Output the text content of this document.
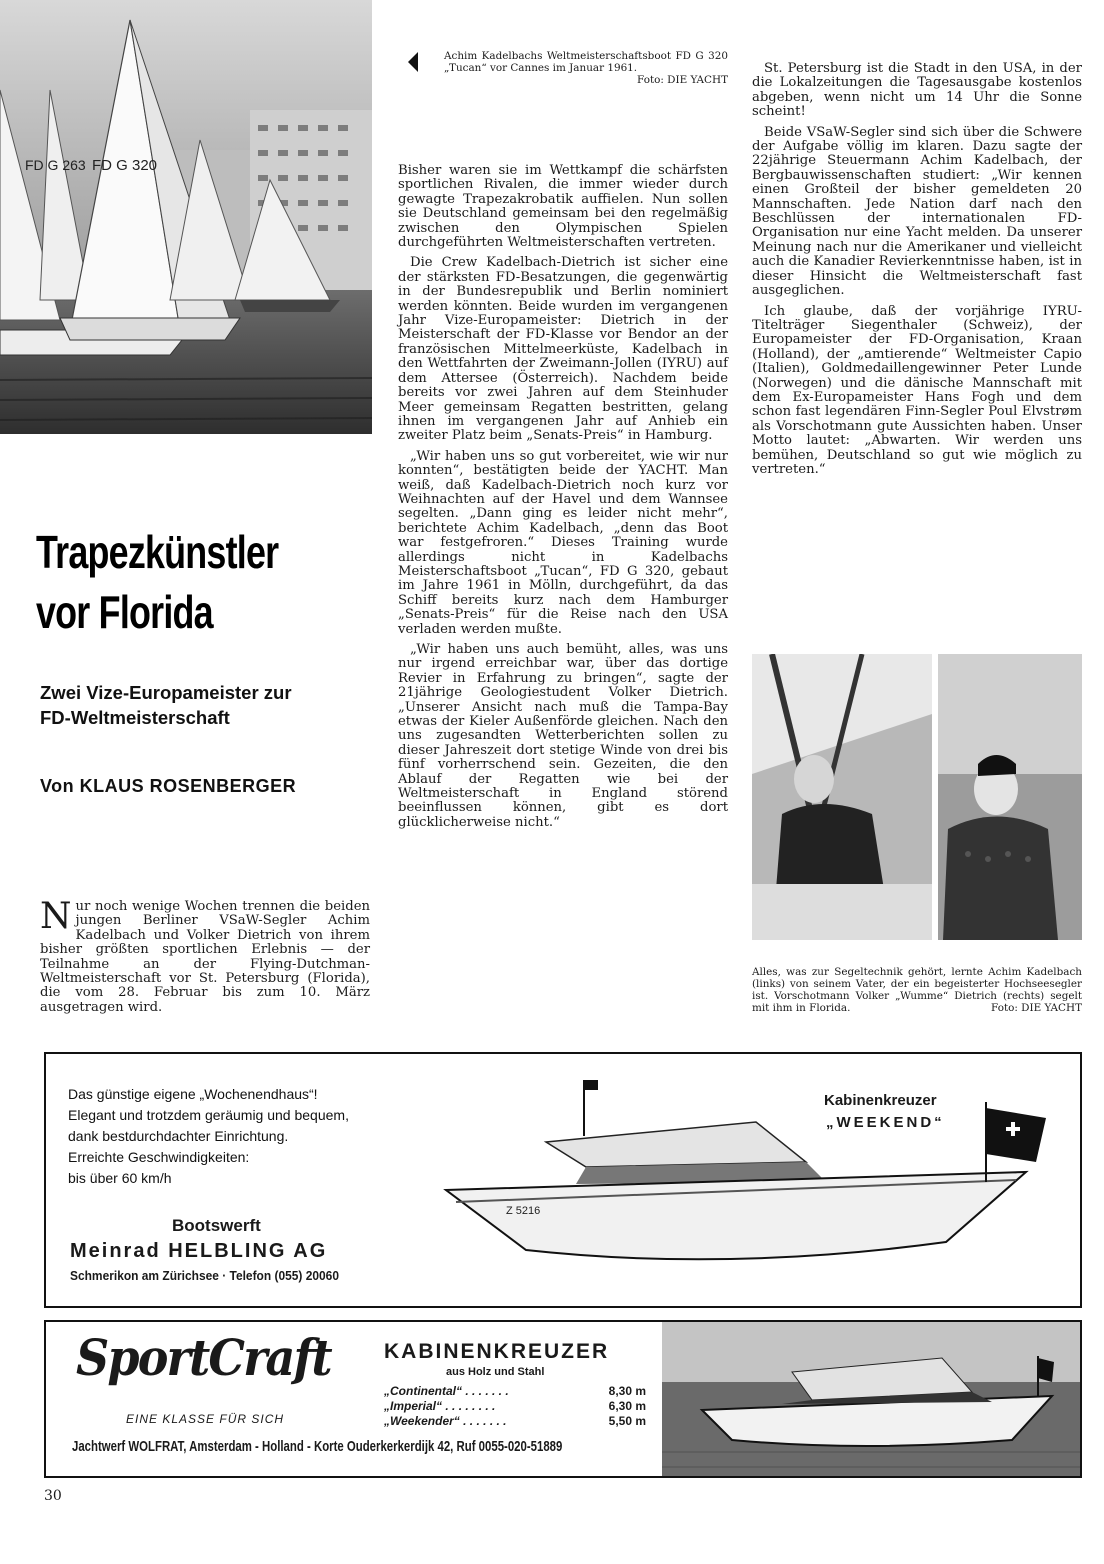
FD G 263 FD G 320
Achim Kadelbachs Weltmeisterschaftsboot FD G 320 „Tucan“ vor Cannes im Januar 1961.
Foto: DIE YACHT
Trapezkünstler
vor Florida
Zwei Vize-Europameister zur
FD-Weltmeisterschaft
Von KLAUS ROSENBERGER
N ur noch wenige Wochen trennen die beiden jungen Berliner VSaW-Segler Achim Kadelbach und Volker Dietrich von ihrem bisher größten sportlichen Erlebnis — der Teilnahme an der Flying-Dutchman-Weltmeisterschaft vor St. Petersburg (Florida), die vom 28. Februar bis zum 10. März ausgetragen wird.

Bisher waren sie im Wettkampf die schärfsten sportlichen Rivalen, die immer wieder durch gewagte Trapezakrobatik auffielen. Nun sollen sie Deutschland gemeinsam bei den regelmäßig zwischen den Olympischen Spielen durchgeführten Weltmeisterschaften vertreten.

Die Crew Kadelbach-Dietrich ist sicher eine der stärksten FD-Besatzungen, die gegenwärtig in der Bundesrepublik und Berlin nominiert werden könnten. Beide wurden im vergangenen Jahr Vize-Europameister: Dietrich in der Meisterschaft der FD-Klasse vor Bendor an der französischen Mittelmeerküste, Kadelbach in den Wettfahrten der Zweimann-Jollen (IYRU) auf dem Attersee (Österreich). Nachdem beide bereits vor zwei Jahren auf dem Steinhuder Meer gemeinsam Regatten bestritten, gelang ihnen im vergangenen Jahr auf Anhieb ein zweiter Platz beim „Senats-Preis“ in Hamburg.

„Wir haben uns so gut vorbereitet, wie wir nur konnten“, bestätigten beide der YACHT. Man weiß, daß Kadelbach-Dietrich noch kurz vor Weihnachten auf der Havel und dem Wannsee segelten. „Dann ging es leider nicht mehr“, berichtete Achim Kadelbach, „denn das Boot war festgefroren.“ Dieses Training wurde allerdings nicht in Kadelbachs Meisterschaftsboot „Tucan“, FD G 320, gebaut im Jahre 1961 in Mölln, durchgeführt, da das Schiff bereits kurz nach dem Hamburger „Senats-Preis“ für die Reise nach den USA verladen werden mußte.

„Wir haben uns auch bemüht, alles, was uns nur irgend erreichbar war, über das dortige Revier in Erfahrung zu bringen“, sagte der 21jährige Geologiestudent Volker Dietrich. „Unserer Ansicht nach muß die Tampa-Bay etwas der Kieler Außenförde gleichen. Nach den uns zugesandten Wetterberichten sollen zu dieser Jahreszeit dort stetige Winde von drei bis fünf vorherrschend sein. Gezeiten, die den Ablauf der Regatten wie bei der Weltmeisterschaft in England störend beeinflussen können, gibt es dort glücklicherweise nicht.“

St. Petersburg ist die Stadt in den USA, in der die Lokalzeitungen die Tagesausgabe kostenlos abgeben, wenn nicht um 14 Uhr die Sonne scheint!

Beide VSaW-Segler sind sich über die Schwere der Aufgabe völlig im klaren. Dazu sagte der 22jährige Steuermann Achim Kadelbach, der Bergbauwissenschaften studiert: „Wir kennen einen Großteil der bisher gemeldeten 20 Mannschaften. Jede Nation darf nach den Beschlüssen der internationalen FD-Organisation nur eine Yacht melden. Da unserer Meinung nach nur die Amerikaner und vielleicht auch die Kanadier Revierkenntnisse haben, ist in dieser Hinsicht die Weltmeisterschaft fast ausgeglichen.

Ich glaube, daß der vorjährige IYRU-Titelträger Siegenthaler (Schweiz), der Europameister der FD-Organisation, Kraan (Holland), der „amtierende“ Weltmeister Capio (Italien), Goldmedaillengewinner Peter Lunde (Norwegen) und die dänische Mannschaft mit dem Ex-Europameister Hans Fogh und dem schon fast legendären Finn-Segler Poul Elvstrøm als Vorschotmann gute Aussichten haben. Unser Motto lautet: „Abwarten. Wir werden uns bemühen, Deutschland so gut wie möglich zu vertreten.“

Alles, was zur Segeltechnik gehört, lernte Achim Kadelbach (links) von seinem Vater, der ein begeisterter Hochseesegler ist. Vorschotmann Volker „Wumme“ Dietrich (rechts) segelt mit ihm in Florida.	Foto: DIE YACHT
Das günstige eigene „Wochenendhaus“!
Elegant und trotzdem geräumig und bequem,
dank bestdurchdachter Einrichtung.
Erreichte Geschwindigkeiten:
bis über 60 km/h
Bootswerft
Meinrad HELBLING AG
Schmerikon am Zürichsee · Telefon (055) 20060
Kabinenkreuzer
„WEEKEND“
Z 5216
SportCraft
EINE KLASSE FÜR SICH
KABINENKREUZER
aus Holz und Stahl
„Continental“ . . . . . . .	8,30 m
„Imperial“ . . . . . . . .	6,30 m
„Weekender“ . . . . . . .	5,50 m
Jachtwerf WOLFRAT, Amsterdam - Holland - Korte Ouderkerkerdijk 42, Ruf 0055-020-51889
30
